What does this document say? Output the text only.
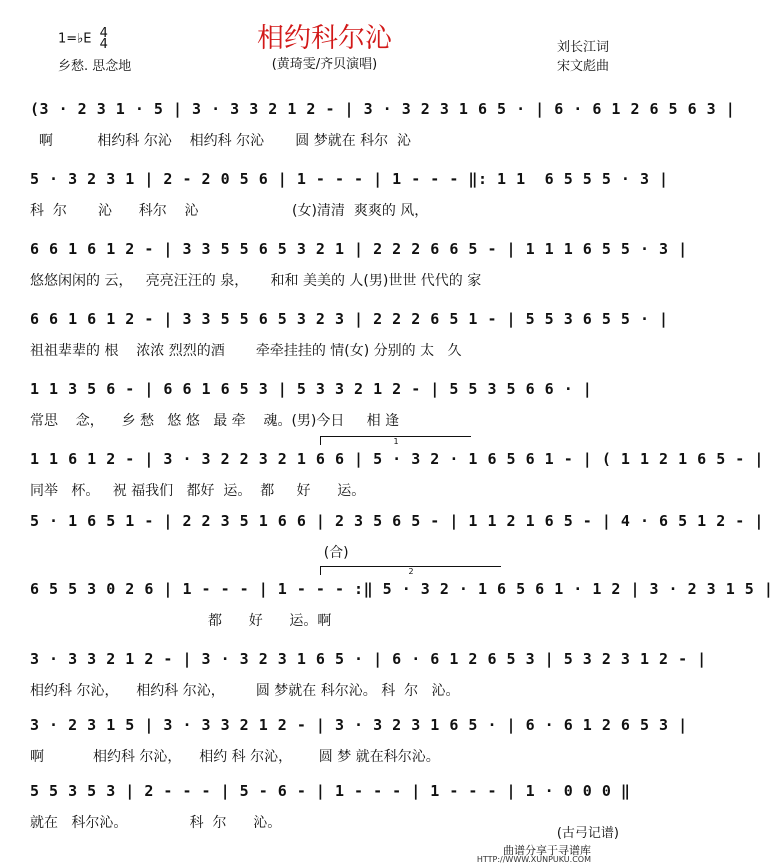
相约科尔沁
1=♭E 4
4	刘长江词
乡愁. 思念地	(黄琦雯/齐贝演唱)	宋文彪曲
(3 · 2 3 1 · 5 | 3 · 3 3 2 1 2 - | 3 · 3 2 3 1 6 5 · | 6 · 6 1 2 6 5 6 3 |
啊          相约科 尔沁    相约科 尔沁       圆 梦就在 科尔  沁
5 · 3 2 3 1 | 2 - 2 0 5 6 | 1 - - - | 1 - - - ‖: 1 1  6 5 5 5 · 3 |
科  尔       沁      科尔    沁                     (女)清清  爽爽的 风，
6 6 1 6 1 2 - | 3 3 5 5 6 5 3 2 1 | 2 2 2 6 6 5 - | 1 1 1 6 5 5 · 3 |
悠悠闲闲的 云，   亮亮汪汪的 泉，     和和 美美的 人(男)世世 代代的 家
6 6 1 6 1 2 - | 3 3 5 5 6 5 3 2 3 | 2 2 2 6 5 1 - | 5 5 3 6 5 5 · |
祖祖辈辈的 根    浓浓 烈烈的酒       牵牵挂挂的 情(女) 分别的 太   久
1 1 3 5 6 - | 6 6 1 6 5 3 | 5 3 3 2 1 2 - | 5 5 3 5 6 6 · |
常思    念，    乡 愁   悠 悠   最 牵    魂。(男)今日     相 逢
1
1 1 6 1 2 - | 3 · 3 2 2 3 2 1 6 6 | 5 · 3 2 · 1 6 5 6 1 - | ( 1 1 2 1 6 5 - |
同举   杯。   祝 福我们   都好  运。  都     好      运。
5 · 1 6 5 1 - | 2 2 3 5 1 6 6 | 2 3 5 6 5 - | 1 1 2 1 6 5 - | 4 · 6 5 1 2 - |
(合)
2
6 5 5 3 0 2 6 | 1 - - - | 1 - - - :‖ 5 · 3 2 · 1 6 5 6 1 · 1 2 | 3 · 2 3 1 5 |
都      好      运。啊
3 · 3 3 2 1 2 - | 3 · 3 2 3 1 6 5 · | 6 · 6 1 2 6 5 3 | 5 3 2 3 1 2 - |
相约科 尔沁，    相约科 尔沁，       圆 梦就在 科尔沁。 科  尔   沁。
3 · 2 3 1 5 | 3 · 3 3 2 1 2 - | 3 · 3 2 3 1 6 5 · | 6 · 6 1 2 6 5 3 |
啊           相约科 尔沁，    相约 科 尔沁，      圆 梦 就在科尔沁。
5 5 3 5 3 | 2 - - - | 5 - 6 - | 1 - - - | 1 - - - | 1 · 0 0 0 ‖
就在   科尔沁。              科  尔      沁。
(古弓记谱)
曲谱分享于寻谱库
HTTP://WWW.XUNPUKU.COM
